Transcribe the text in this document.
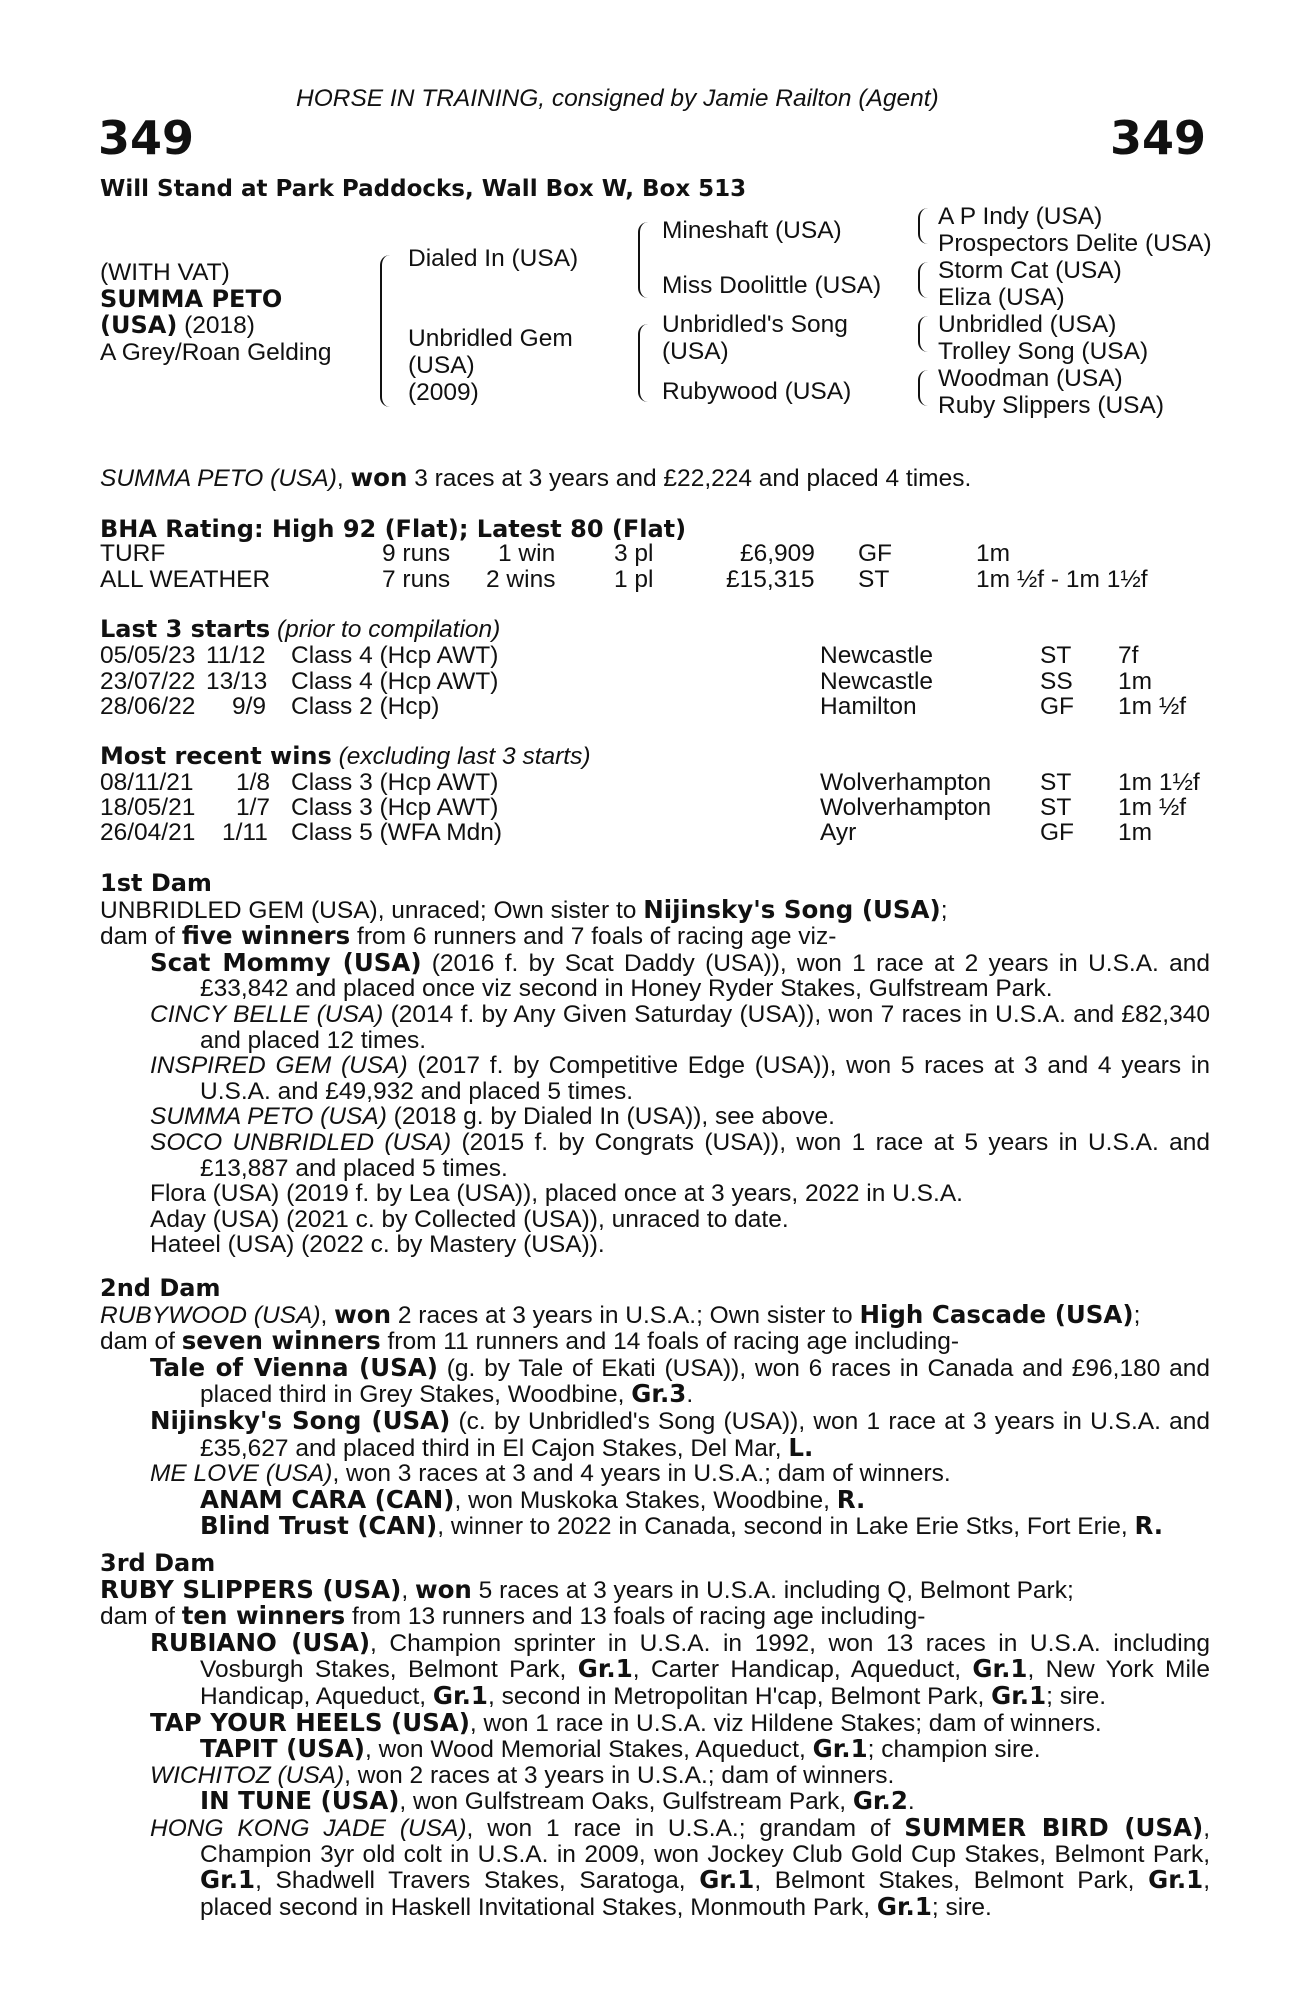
HORSE IN TRAINING, consigned by Jamie Railton (Agent)
349	349
Will Stand at Park Paddocks, Wall Box W, Box 513
(WITH VAT)
SUMMA PETO
(USA) (2018)
A Grey/Roan Gelding
Dialed In (USA)
Unbridled Gem
(USA)
(2009)
Mineshaft (USA)
Miss Doolittle (USA)
Unbridled's Song
(USA)
Rubywood (USA)
A P Indy (USA)
Prospectors Delite (USA)
Storm Cat (USA)
Eliza (USA)
Unbridled (USA)
Trolley Song (USA)
Woodman (USA)
Ruby Slippers (USA)
SUMMA PETO (USA), won 3 races at 3 years and £22,224 and placed 4 times.
BHA Rating: High 92 (Flat); Latest 80 (Flat)
TURF	9 runs 1 win 3 pl	£6,909 GF	1m
ALL WEATHER	7 runs 2 wins 1 pl	£15,315 ST	1m ½f - 1m 1½f
Last 3 starts (prior to compilation)
05/05/23 11/12 Class 4 (Hcp AWT)	Newcastle	ST 7f
23/07/22 13/13 Class 4 (Hcp AWT)	Newcastle	SS 1m
28/06/22 9/9 Class 2 (Hcp)	Hamilton	GF 1m ½f
Most recent wins (excluding last 3 starts)
08/11/21 1/8 Class 3 (Hcp AWT)	Wolverhampton ST 1m 1½f
18/05/21 1/7 Class 3 (Hcp AWT)	Wolverhampton ST 1m ½f
26/04/21 1/11 Class 5 (WFA Mdn)	Ayr	GF 1m

1st Dam

UNBRIDLED GEM (USA), unraced; Own sister to Nijinsky's Song (USA);

dam of five winners from 6 runners and 7 foals of racing age viz-

Scat Mommy (USA) (2016 f. by Scat Daddy (USA)), won 1 race at 2 years in U.S.A. and £33,842 and placed once viz second in Honey Ryder Stakes, Gulfstream Park.

CINCY BELLE (USA) (2014 f. by Any Given Saturday (USA)), won 7 races in U.S.A. and £82,340 and placed 12 times.

INSPIRED GEM (USA) (2017 f. by Competitive Edge (USA)), won 5 races at 3 and 4 years in U.S.A. and £49,932 and placed 5 times.

SUMMA PETO (USA) (2018 g. by Dialed In (USA)), see above.

SOCO UNBRIDLED (USA) (2015 f. by Congrats (USA)), won 1 race at 5 years in U.S.A. and £13,887 and placed 5 times.

Flora (USA) (2019 f. by Lea (USA)), placed once at 3 years, 2022 in U.S.A.

Aday (USA) (2021 c. by Collected (USA)), unraced to date.

Hateel (USA) (2022 c. by Mastery (USA)).

2nd Dam

RUBYWOOD (USA), won 2 races at 3 years in U.S.A.; Own sister to High Cascade (USA);

dam of seven winners from 11 runners and 14 foals of racing age including-

Tale of Vienna (USA) (g. by Tale of Ekati (USA)), won 6 races in Canada and £96,180 and placed third in Grey Stakes, Woodbine, Gr.3.

Nijinsky's Song (USA) (c. by Unbridled's Song (USA)), won 1 race at 3 years in U.S.A. and £35,627 and placed third in El Cajon Stakes, Del Mar, L.

ME LOVE (USA), won 3 races at 3 and 4 years in U.S.A.; dam of winners.

ANAM CARA (CAN), won Muskoka Stakes, Woodbine, R.

Blind Trust (CAN), winner to 2022 in Canada, second in Lake Erie Stks, Fort Erie, R.

3rd Dam

RUBY SLIPPERS (USA), won 5 races at 3 years in U.S.A. including Q, Belmont Park;

dam of ten winners from 13 runners and 13 foals of racing age including-

RUBIANO (USA), Champion sprinter in U.S.A. in 1992, won 13 races in U.S.A. including Vosburgh Stakes, Belmont Park, Gr.1, Carter Handicap, Aqueduct, Gr.1, New York Mile Handicap, Aqueduct, Gr.1, second in Metropolitan H'cap, Belmont Park, Gr.1; sire.

TAP YOUR HEELS (USA), won 1 race in U.S.A. viz Hildene Stakes; dam of winners.

TAPIT (USA), won Wood Memorial Stakes, Aqueduct, Gr.1; champion sire.

WICHITOZ (USA), won 2 races at 3 years in U.S.A.; dam of winners.

IN TUNE (USA), won Gulfstream Oaks, Gulfstream Park, Gr.2.

HONG KONG JADE (USA), won 1 race in U.S.A.; grandam of SUMMER BIRD (USA), Champion 3yr old colt in U.S.A. in 2009, won Jockey Club Gold Cup Stakes, Belmont Park, Gr.1, Shadwell Travers Stakes, Saratoga, Gr.1, Belmont Stakes, Belmont Park, Gr.1, placed second in Haskell Invitational Stakes, Monmouth Park, Gr.1; sire.
